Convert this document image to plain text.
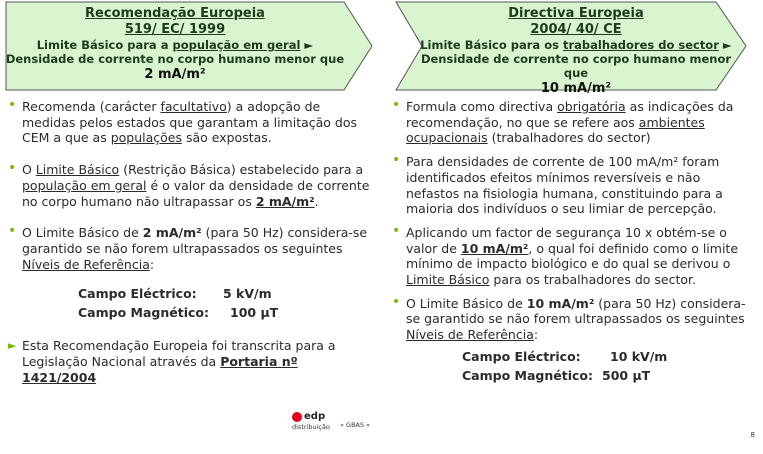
Recomendação Europeia
519/ EC/ 1999
Limite Básico para a população em geral ►
Densidade de corrente no corpo humano menor que
2 mA/m²
Directiva Europeia
2004/ 40/ CE
Limite Básico para os trabalhadores do sector ►
Densidade de corrente no corpo humano menor que
10 mA/m²
• Recomenda (carácter facultativo) a adopção de medidas pelos estados que garantam a limitação dos CEM a que as populações são expostas.
• O Limite Básico (Restrição Básica) estabelecido para a população em geral é o valor da densidade de corrente no corpo humano não ultrapassar os 2 mA/m².
• O Limite Básico de 2 mA/m² (para 50 Hz) considera-se garantido se não forem ultrapassados os seguintes Níveis de Referência:
Campo Eléctrico: 5 kV/m
Campo Magnético: 100 μT
► Esta Recomendação Europeia foi transcrita para a Legislação Nacional através da Portaria nº 1421/2004
• Formula como directiva obrigatória as indicações da recomendação, no que se refere aos ambientes ocupacionais (trabalhadores do sector)
• Para densidades de corrente de 100 mA/m² foram identificados efeitos mínimos reversíveis e não nefastos na fisiologia humana, constituindo para a maioria dos indivíduos o seu limiar de percepção.
• Aplicando um factor de segurança 10 x obtém-se o valor de 10 mA/m², o qual foi definido como o limite mínimo de impacto biológico e do qual se derivou o Limite Básico para os trabalhadores do sector.
• O Limite Básico de 10 mA/m² (para 50 Hz) considera-se garantido se não forem ultrapassados os seguintes Níveis de Referência:
Campo Eléctrico: 10 kV/m
Campo Magnético: 500 μT
edp
distribuição « GBAS »
8
